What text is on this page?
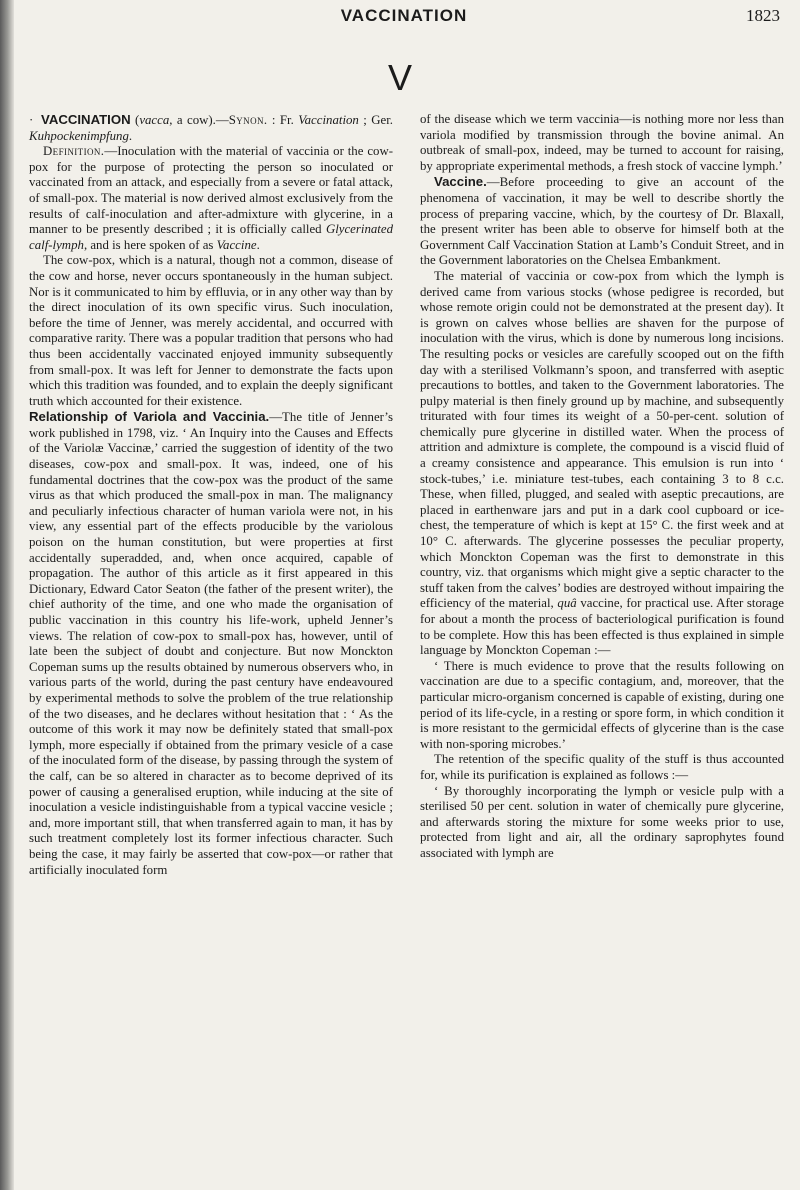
VACCINATION	1823
V

· VACCINATION (vacca, a cow).—Synon. : Fr. Vaccination ; Ger. Kuhpockenimpfung.

Definition.—Inoculation with the material of vaccinia or the cow-pox for the purpose of protecting the person so inoculated or vaccinated from an attack, and especially from a severe or fatal attack, of small-pox. The material is now derived almost exclusively from the results of calf-inoculation and after-admixture with glycerine, in a manner to be presently described ; it is officially called Glycerinated calf-lymph, and is here spoken of as Vaccine.

The cow-pox, which is a natural, though not a common, disease of the cow and horse, never occurs spontaneously in the human subject. Nor is it communicated to him by effluvia, or in any other way than by the direct inoculation of its own specific virus. Such inoculation, before the time of Jenner, was merely accidental, and occurred with comparative rarity. There was a popular tradition that persons who had thus been accidentally vaccinated enjoyed immunity subsequently from small-pox. It was left for Jenner to demonstrate the facts upon which this tradition was founded, and to explain the deeply significant truth which accounted for their existence.

Relationship of Variola and Vaccinia.—The title of Jenner’s work published in 1798, viz. ‘ An Inquiry into the Causes and Effects of the Variolæ Vaccinæ,’ carried the suggestion of identity of the two diseases, cow-pox and small-pox. It was, indeed, one of his fundamental doctrines that the cow-pox was the product of the same virus as that which produced the small-pox in man. The malignancy and peculiarly infectious character of human variola were not, in his view, any essential part of the effects producible by the variolous poison on the human constitution, but were properties at first accidentally superadded, and, when once acquired, capable of propagation. The author of this article as it first appeared in this Dictionary, Edward Cator Seaton (the father of the present writer), the chief authority of the time, and one who made the organisation of public vaccination in this country his life-work, upheld Jenner’s views. The relation of cow-pox to small-pox has, however, until of late been the subject of doubt and conjecture. But now Monckton Copeman sums up the results obtained by numerous observers who, in various parts of the world, during the past century have endeavoured by experimental methods to solve the problem of the true relationship of the two diseases, and he declares without hesitation that : ‘ As the outcome of this work it may now be definitely stated that small-pox lymph, more especially if obtained from the primary vesicle of a case of the inoculated form of the disease, by passing through the system of the calf, can be so altered in character as to become deprived of its power of causing a generalised eruption, while inducing at the site of inoculation a vesicle indistinguishable from a typical vaccine vesicle ; and, more important still, that when transferred again to man, it has by such treatment completely lost its former infectious character. Such being the case, it may fairly be asserted that cow-pox—or rather that artificially inoculated form

of the disease which we term vaccinia—is nothing more nor less than variola modified by transmission through the bovine animal. An outbreak of small-pox, indeed, may be turned to account for raising, by appropriate experimental methods, a fresh stock of vaccine lymph.’

Vaccine.—Before proceeding to give an account of the phenomena of vaccination, it may be well to describe shortly the process of preparing vaccine, which, by the courtesy of Dr. Blaxall, the present writer has been able to observe for himself both at the Government Calf Vaccination Station at Lamb’s Conduit Street, and in the Government laboratories on the Chelsea Embankment.

The material of vaccinia or cow-pox from which the lymph is derived came from various stocks (whose pedigree is recorded, but whose remote origin could not be demonstrated at the present day). It is grown on calves whose bellies are shaven for the purpose of inoculation with the virus, which is done by numerous long incisions. The resulting pocks or vesicles are carefully scooped out on the fifth day with a sterilised Volkmann’s spoon, and transferred with aseptic precautions to bottles, and taken to the Government laboratories. The pulpy material is then finely ground up by machine, and subsequently triturated with four times its weight of a 50-per-cent. solution of chemically pure glycerine in distilled water. When the process of attrition and admixture is complete, the compound is a viscid fluid of a creamy consistence and appearance. This emulsion is run into ‘ stock-tubes,’ i.e. miniature test-tubes, each containing 3 to 8 c.c. These, when filled, plugged, and sealed with aseptic precautions, are placed in earthenware jars and put in a dark cool cupboard or ice-chest, the temperature of which is kept at 15° C. the first week and at 10° C. afterwards. The glycerine possesses the peculiar property, which Monckton Copeman was the first to demonstrate in this country, viz. that organisms which might give a septic character to the stuff taken from the calves’ bodies are destroyed without impairing the efficiency of the material, quâ vaccine, for practical use. After storage for about a month the process of bacteriological purification is found to be complete. How this has been effected is thus explained in simple language by Monckton Copeman :—

‘ There is much evidence to prove that the results following on vaccination are due to a specific contagium, and, moreover, that the particular micro-organism concerned is capable of existing, during one period of its life-cycle, in a resting or spore form, in which condition it is more resistant to the germicidal effects of glycerine than is the case with non-sporing microbes.’

The retention of the specific quality of the stuff is thus accounted for, while its purification is explained as follows :—

‘ By thoroughly incorporating the lymph or vesicle pulp with a sterilised 50 per cent. solution in water of chemically pure glycerine, and afterwards storing the mixture for some weeks prior to use, protected from light and air, all the ordinary saprophytes found associated with lymph are
